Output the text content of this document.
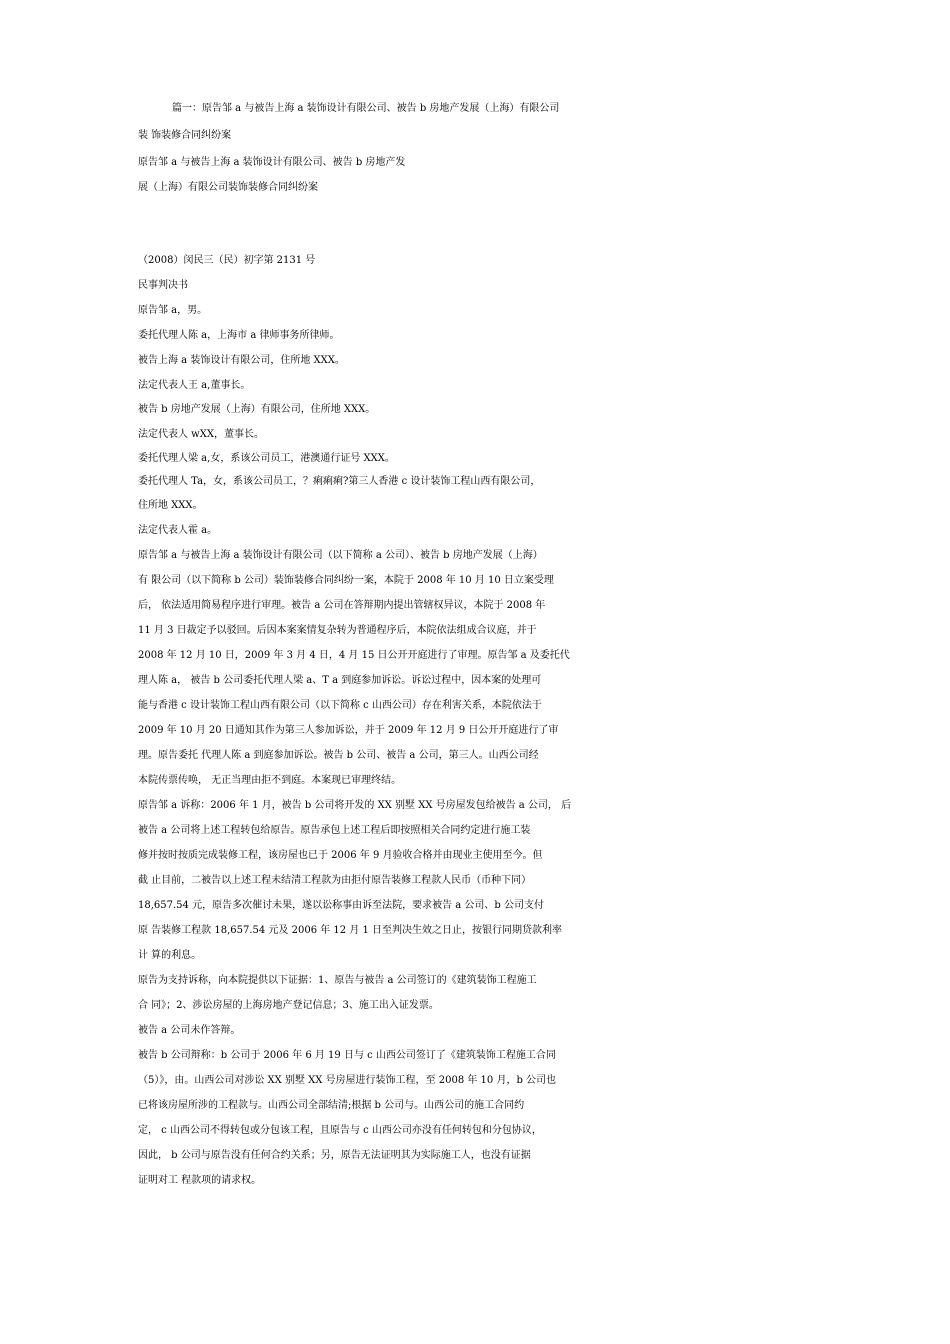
篇一：原告邹 a 与被告上海 a 装饰设计有限公司、被告 b 房地产发展（上海）有限公司
装 饰装修合同纠纷案
原告邹 a 与被告上海 a 装饰设计有限公司、被告 b 房地产发
展（上海）有限公司装饰装修合同纠纷案
（2008）闵民三（民）初字第 2131 号
民事判决书
原告邹 a，男。
委托代理人陈 a，上海市 a 律师事务所律师。
被告上海 a 装饰设计有限公司，住所地 XXX。
法定代表人王 a,董事长。
被告 b 房地产发展（上海）有限公司，住所地 XXX。
法定代表人 wXX，董事长。
委托代理人梁 a,女，系该公司员工，港澳通行证号 XXX。
委托代理人 Ta，女，系该公司员工，？痢痢痢?第三人香港 c 设计装饰工程山西有限公司，
住所地 XXX。
法定代表人霍 a。
原告邹 a 与被告上海 a 装饰设计有限公司（以下简称 a 公司）、被告 b 房地产发展（上海）
有 限公司（以下简称 b 公司）装饰装修合同纠纷一案，本院于 2008 年 10 月 10 日立案受理
后， 依法适用简易程序进行审理。被告 a 公司在答辩期内提出管辖权异议，本院于 2008 年
11 月 3 日裁定予以驳回。后因本案案情复杂转为普通程序后，本院依法组成合议庭，并于
2008 年 12 月 10 日，2009 年 3 月 4 日，4 月 15 日公开开庭进行了审理。原告邹 a 及委托代
理人陈 a， 被告 b 公司委托代理人梁 a、T a 到庭参加诉讼。诉讼过程中，因本案的处理可
能与香港 c 设计装饰工程山西有限公司（以下简称 c 山西公司）存在利害关系，本院依法于
2009 年 10 月 20 日通知其作为第三人参加诉讼，并于 2009 年 12 月 9 日公开开庭进行了审
理。原告委托 代理人陈 a 到庭参加诉讼。被告 b 公司、被告 a 公司，第三人。山西公司经
本院传票传唤， 无正当理由拒不到庭。本案现已审理终结。
原告邹 a 诉称：2006 年 1 月，被告 b 公司将开发的 XX 别墅 XX 号房屋发包给被告 a 公司， 后
被告 a 公司将上述工程转包给原告。原告承包上述工程后即按照相关合同约定进行施工装
修并按时按质完成装修工程，该房屋也已于 2006 年 9 月验收合格并由现业主使用至今。但
截 止目前，二被告以上述工程未结清工程款为由拒付原告装修工程款人民币（币种下同）
18,657.54 元，原告多次催讨未果，遂以讼称事由诉至法院，要求被告 a 公司、b 公司支付
原 告装修工程款 18,657.54 元及 2006 年 12 月 1 日至判决生效之日止，按银行同期贷款利率
计 算的利息。
原告为支持诉称，向本院提供以下证据：1、原告与被告 a 公司签订的《建筑装饰工程施工
合 同》；2、涉讼房屋的上海房地产登记信息；3、施工出入证发票。
被告 a 公司未作答辩。
被告 b 公司辩称：b 公司于 2006 年 6 月 19 日与 c 山西公司签订了《建筑装饰工程施工合同
（5）》，由。山西公司对涉讼 XX 别墅 XX 号房屋进行装饰工程，至 2008 年 10 月，b 公司也
已将该房屋所涉的工程款与。山西公司全部结清;根据 b 公司与。山西公司的施工合同约
定， c 山西公司不得转包或分包该工程，且原告与 c 山西公司亦没有任何转包和分包协议，
因此， b 公司与原告没有任何合约关系；另，原告无法证明其为实际施工人，也没有证据
证明对工 程款项的请求权。
